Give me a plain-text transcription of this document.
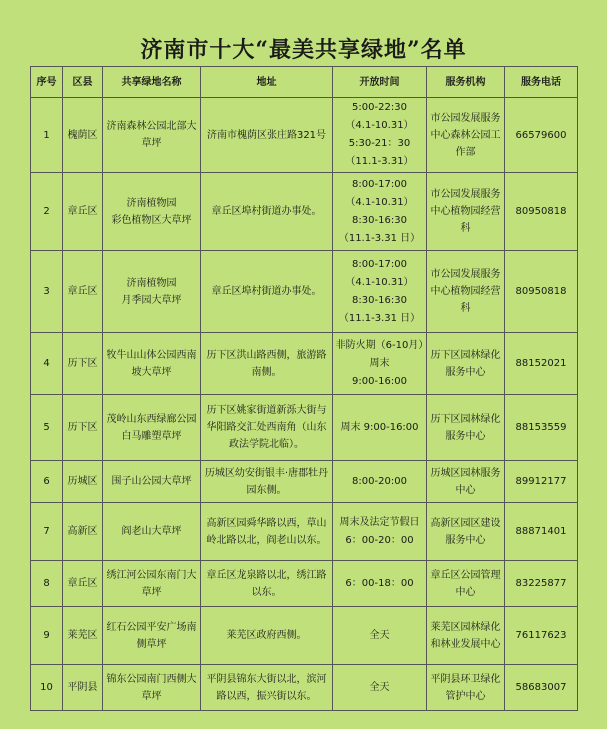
济南市十大“最美共享绿地”名单
序号	区县	共享绿地名称	地址	开放时间	服务机构	服务电话
1	槐荫区	济南森林公园北部大草坪	济南市槐荫区张庄路321号	5:00-22:30
（4.1-10.31）
5:30-21：30
（11.1-3.31）	市公园发展服务中心森林公园工作部	66579600
2	章丘区	济南植物园
彩色植物区大草坪	章丘区埠村街道办事处。	8:00-17:00
（4.1-10.31）
8:30-16:30
（11.1-3.31 日）	市公园发展服务中心植物园经营科	80950818
3	章丘区	济南植物园
月季园大草坪	章丘区埠村街道办事处。	8:00-17:00
（4.1-10.31）
8:30-16:30
（11.1-3.31 日）	市公园发展服务中心植物园经营科	80950818
4	历下区	牧牛山山体公园西南坡大草坪	历下区洪山路西侧，旅游路南侧。	非防火期（6-10月）周末
9:00-16:00	历下区园林绿化服务中心	88152021
5	历下区	茂岭山东西绿廊公园白马雕塑草坪	历下区姚家街道新泺大街与华阳路交汇处西南角（山东政法学院北临）。	周末 9:00-16:00	历下区园林绿化服务中心	88153559
6	历城区	围子山公园大草坪	历城区幼安街银丰·唐郡牡丹园东侧。	8:00-20:00	历城区园林服务中心	89912177
7	高新区	阎老山大草坪	高新区园舜华路以西，草山岭北路以北，阎老山以东。	周末及法定节假日
6：00-20：00	高新区园区建设服务中心	88871401
8	章丘区	绣江河公园东南门大草坪	章丘区龙泉路以北，绣江路以东。	6：00-18：00	章丘区公园管理中心	83225877
9	莱芜区	红石公园平安广场南侧草坪	莱芜区政府西侧。	全天	莱芜区园林绿化和林业发展中心	76117623
10	平阴县	锦东公园南门西侧大草坪	平阴县锦东大街以北，滨河路以西，振兴街以东。	全天	平阴县环卫绿化管护中心	58683007
